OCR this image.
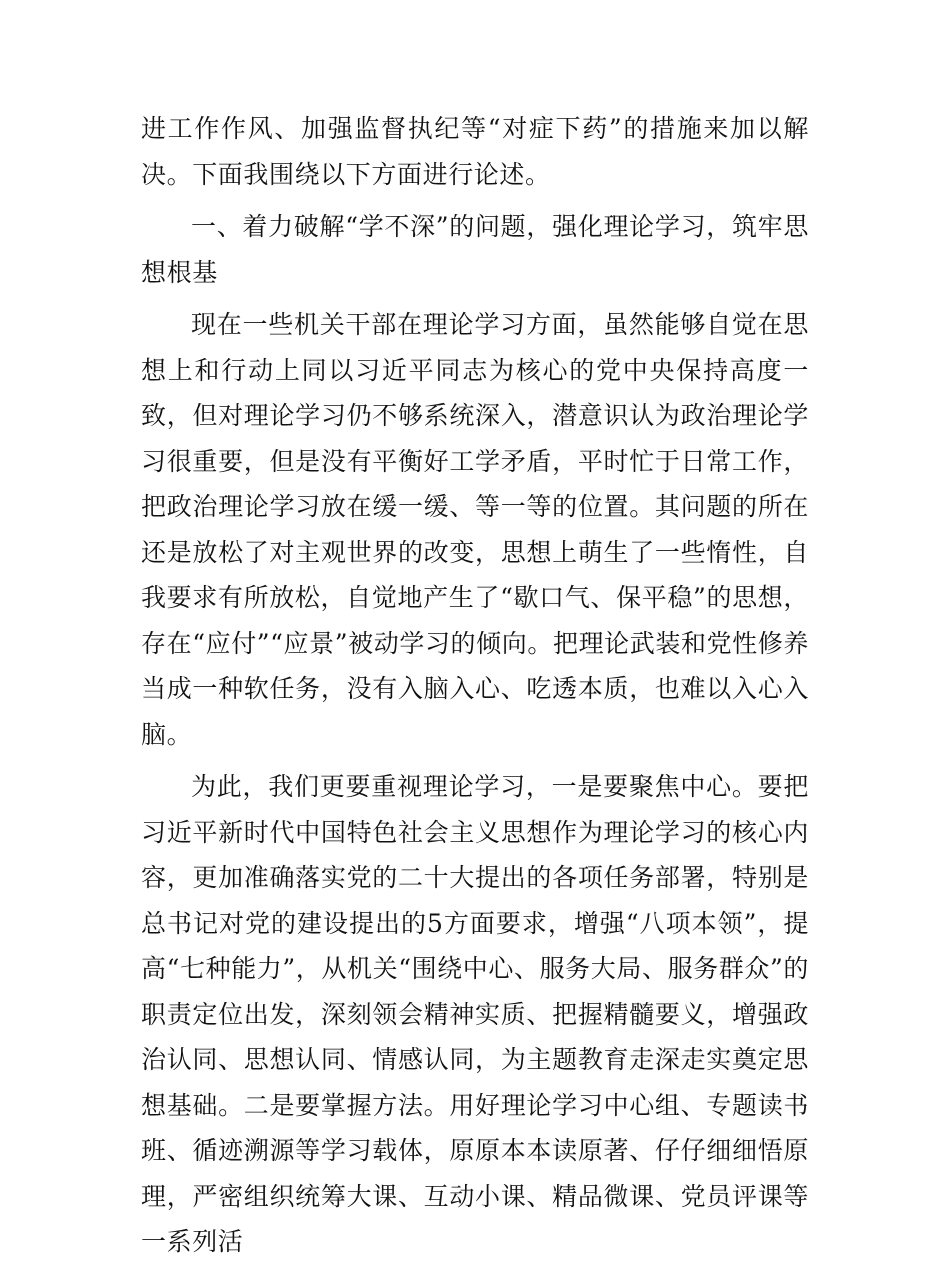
进工作作风、加强监督执纪等“对症下药”的措施来加以解决。下面我围绕以下方面进行论述。

一、着力破解“学不深”的问题，强化理论学习，筑牢思想根基

现在一些机关干部在理论学习方面，虽然能够自觉在思想上和行动上同以习近平同志为核心的党中央保持高度一致，但对理论学习仍不够系统深入，潜意识认为政治理论学习很重要，但是没有平衡好工学矛盾，平时忙于日常工作，把政治理论学习放在缓一缓、等一等的位置。其问题的所在还是放松了对主观世界的改变，思想上萌生了一些惰性，自我要求有所放松，自觉地产生了“歇口气、保平稳”的思想，存在“应付”“应景”被动学习的倾向。把理论武装和党性修养当成一种软任务，没有入脑入心、吃透本质，也难以入心入脑。

为此，我们更要重视理论学习，一是要聚焦中心。要把习近平新时代中国特色社会主义思想作为理论学习的核心内容，更加准确落实党的二十大提出的各项任务部署，特别是总书记对党的建设提出的5方面要求，增强“八项本领”，提高“七种能力”，从机关“围绕中心、服务大局、服务群众”的职责定位出发，深刻领会精神实质、把握精髓要义，增强政治认同、思想认同、情感认同，为主题教育走深走实奠定思想基础。二是要掌握方法。用好理论学习中心组、专题读书班、循迹溯源等学习载体，原原本本读原著、仔仔细细悟原理，严密组织统筹大课、互动小课、精品微课、党员评课等一系列活
